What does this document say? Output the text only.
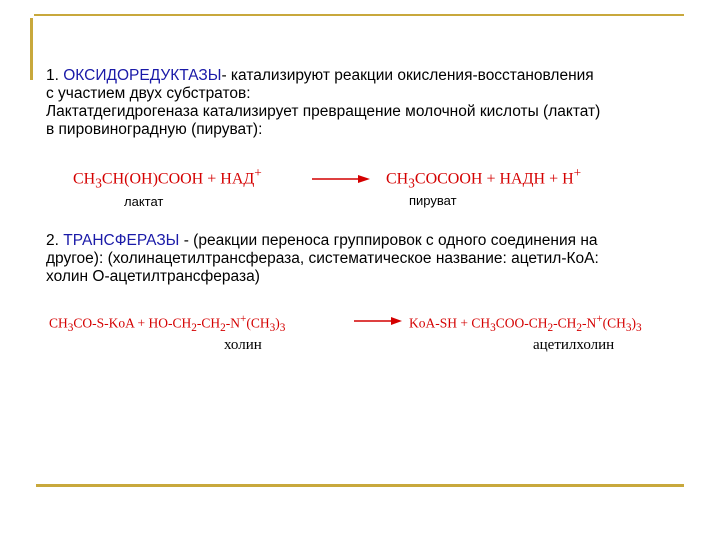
1. ОКСИДОРЕДУКТАЗЫ- катализируют реакции окисления-восстановления
с участием двух субстратов:
Лактатдегидрогеназа катализирует превращение молочной кислоты (лактат)
в пировиноградную (пируват):
$CH_3CH(OH)COOH + НАД^+$	→ $CH_3COCOOH$ + НАДН + Н+
лактат	пируват
2. ТРАНСФЕРАЗЫ - (реакции переноса группировок с одного соединения на
другое): (холинацетилтрансфераза, систематическое название: ацетил-КоА:
холин О-ацетилтрансфераза)
$CH_3CO-S$-KoA + $HO-CH_2-CH_2-N^+(CH_3)_3 \to KoA-SH + CH_3COO-CH_2-CH_2-N^+(CH_3)_3$
холин	ацетилхолин
